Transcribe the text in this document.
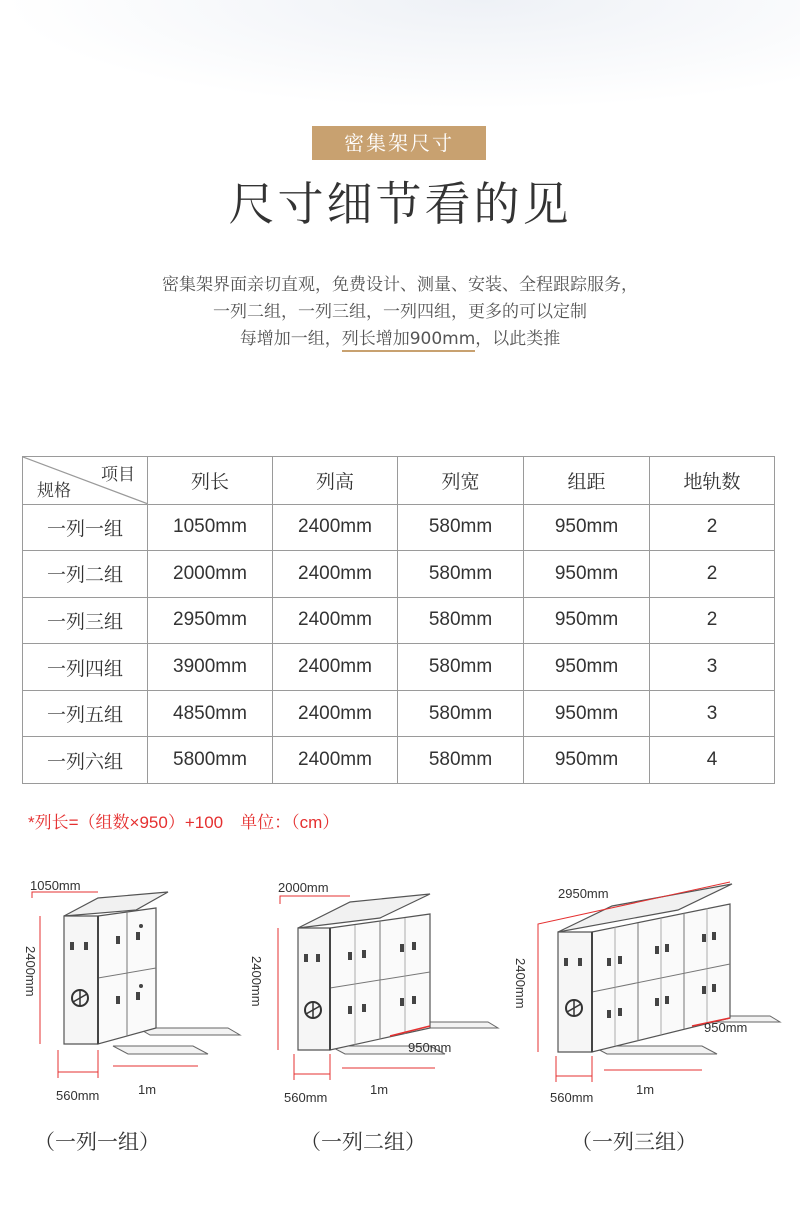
密集架尺寸
尺寸细节看的见
密集架界面亲切直观，免费设计、测量、安装、全程跟踪服务，
一列二组，一列三组，一列四组，更多的可以定制
每增加一组，列长增加900mm，以此类推
项目
规格	列长	列高	列宽	组距	地轨数
一列一组	1050mm	2400mm	580mm	950mm	2
一列二组	2000mm	2400mm	580mm	950mm	2
一列三组	2950mm	2400mm	580mm	950mm	2
一列四组	3900mm	2400mm	580mm	950mm	3
一列五组	4850mm	2400mm	580mm	950mm	3
一列六组	5800mm	2400mm	580mm	950mm	4
*列长=（组数×950）+100　单位：（cm）
1050mm
2400mm
560mm	1m
（一列一组）
2000mm
2400mm
560mm
1m
950mm
（一列二组）
2950mm
2400mm
560mm
1m
950mm
（一列三组）
